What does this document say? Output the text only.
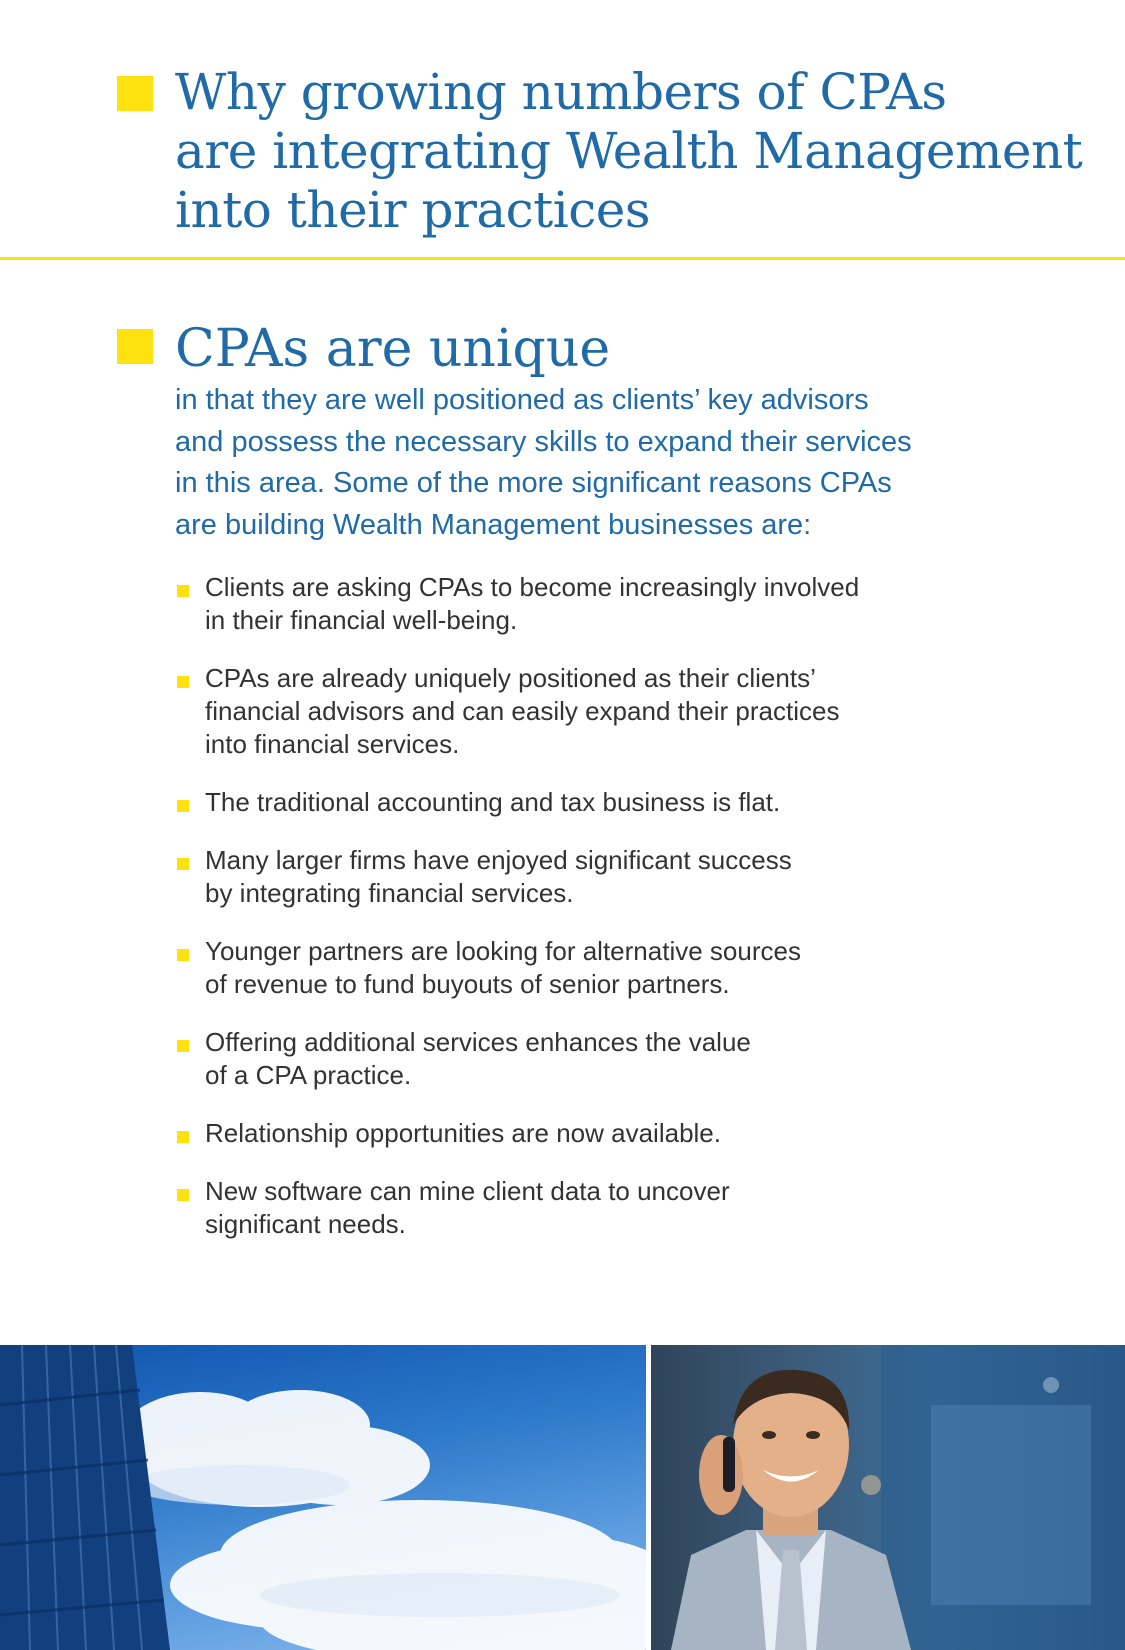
Why growing numbers of CPAs
are integrating Wealth Management
into their practices
CPAs are unique

in that they are well positioned as clients’ key advisors
and possess the necessary skills to expand their services
in this area. Some of the more significant reasons CPAs
are building Wealth Management businesses are:

Clients are asking CPAs to become increasingly involved
in their financial well-being.
CPAs are already uniquely positioned as their clients’
financial advisors and can easily expand their practices
into financial services.
The traditional accounting and tax business is flat.
Many larger firms have enjoyed significant success
by integrating financial services.
Younger partners are looking for alternative sources
of revenue to fund buyouts of senior partners.
Offering additional services enhances the value
of a CPA practice.
Relationship opportunities are now available.
New software can mine client data to uncover
significant needs.
